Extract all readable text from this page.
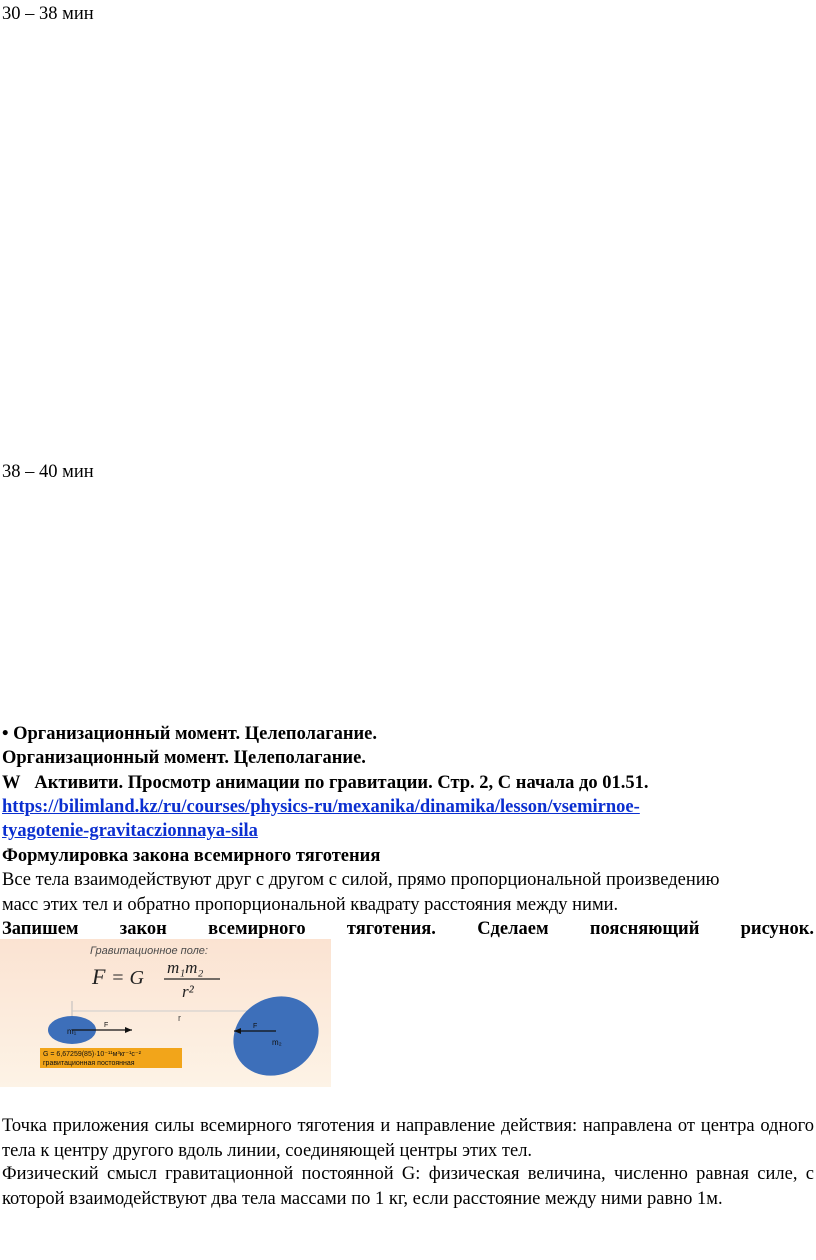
30 – 38 мин
38 – 40 мин
• Организационный момент. Целеполагание.
Организационный момент. Целеполагание.
W Активити. Просмотр анимации по гравитации. Стр. 2, С начала до 01.51.
https://bilimland.kz/ru/courses/physics-ru/mexanika/dinamika/lesson/vsemirnoe-
tyagotenie-gravitaczionnaya-sila
Формулировка закона всемирного тяготения
Все тела взаимодействуют друг с другом с силой, прямо пропорциональной произведению
масс этих тел и обратно пропорциональной квадрату расстояния между ними.
Запишем закон всемирного тяготения. Сделаем поясняющий рисунок.
Гравитационное поле:
F = G m₁m₂
r²
r
m₁
F
m₂
F
G = 6,67259(85)·10⁻¹¹м³кг⁻¹с⁻²
гравитационная постоянная
Точка приложения силы всемирного тяготения и направление действия: направлена от центра одного тела к центру другого вдоль линии, соединяющей центры этих тел.
Физический смысл гравитационной постоянной G: физическая величина, численно равная силе, с которой взаимодействуют два тела массами по 1 кг, если расстояние между ними равно 1м.
